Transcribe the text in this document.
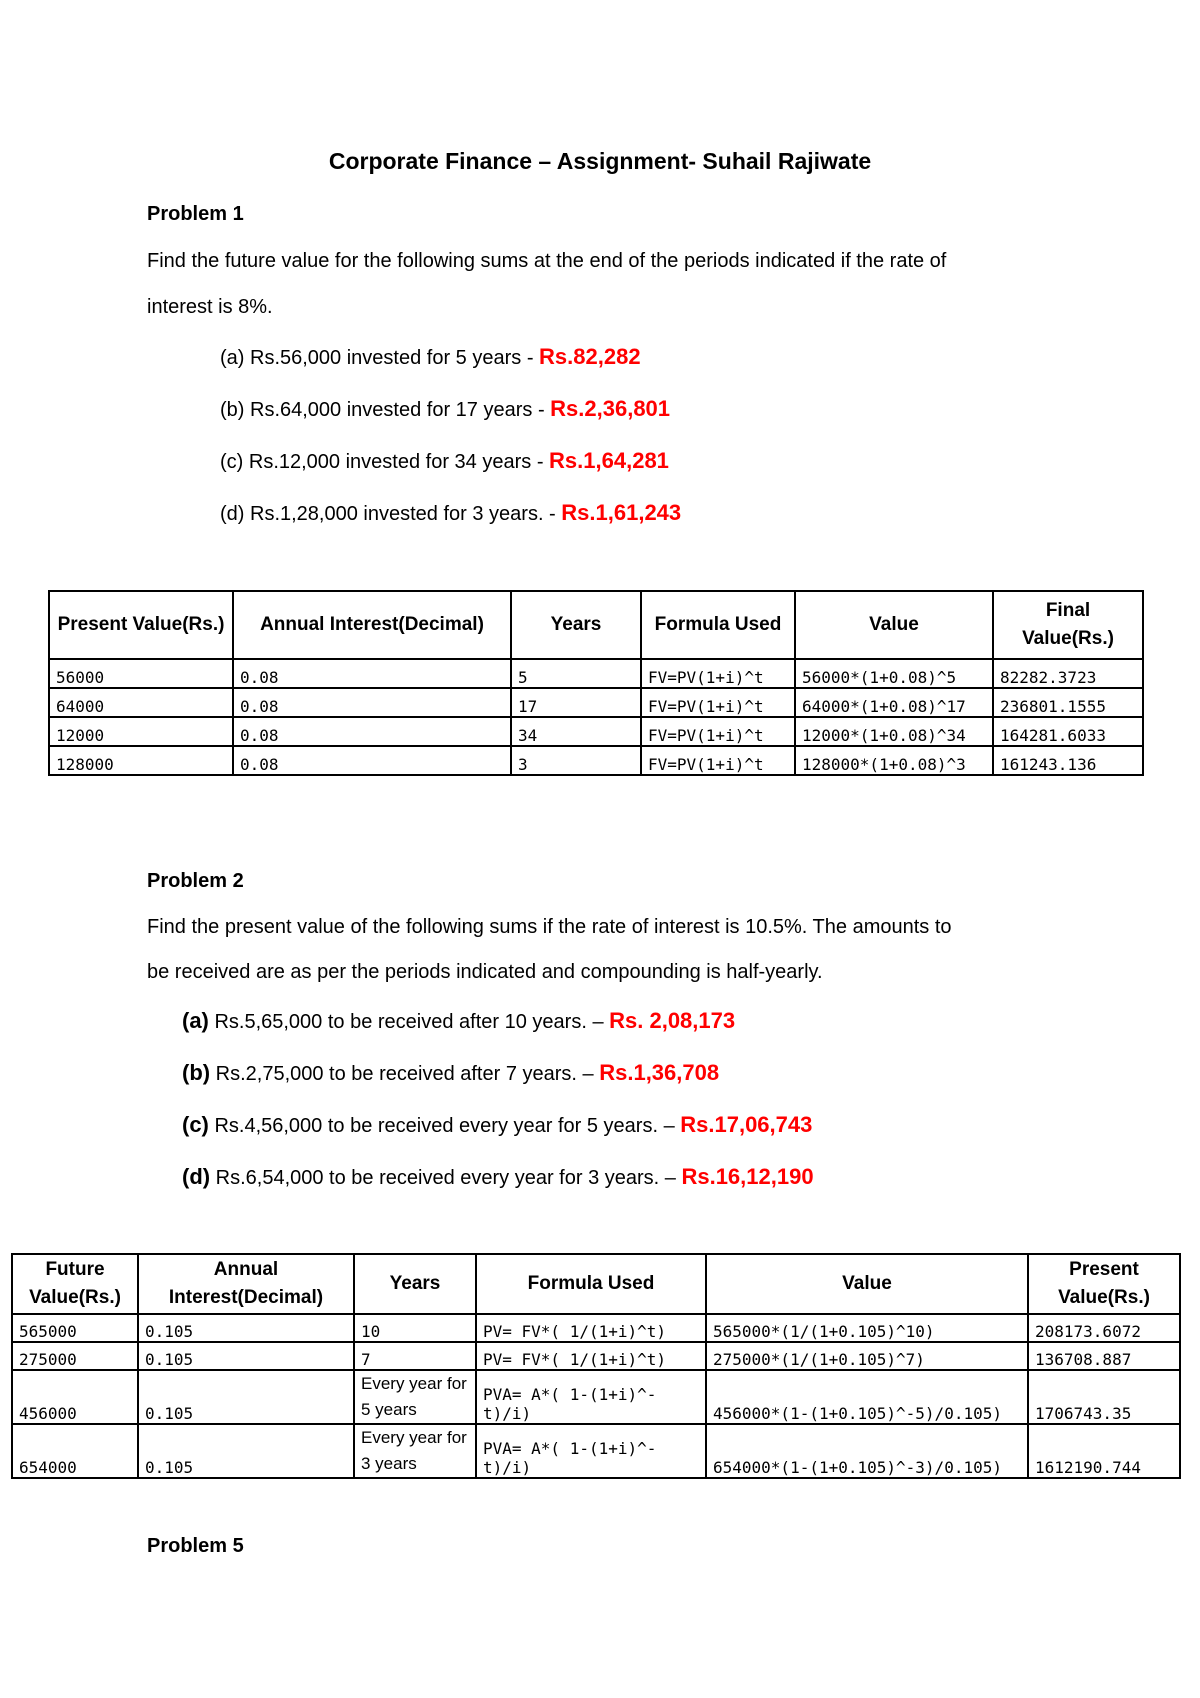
Corporate Finance – Assignment- Suhail Rajiwate
Problem 1
Find the future value for the following sums at the end of the periods indicated if the rate of
interest is 8%.
(a) Rs.56,000 invested for 5 years - Rs.82,282
(b) Rs.64,000 invested for 17 years - Rs.2,36,801
(c) Rs.12,000 invested for 34 years - Rs.1,64,281
(d) Rs.1,28,000 invested for 3 years. - Rs.1,61,243
Present Value(Rs.)	Annual Interest(Decimal)	Years	Formula Used	Value	Final Value(Rs.)
56000	0.08	5	FV=PV(1+i)^t	56000*(1+0.08)^5	82282.3723
64000	0.08	17	FV=PV(1+i)^t	64000*(1+0.08)^17	236801.1555
12000	0.08	34	FV=PV(1+i)^t	12000*(1+0.08)^34	164281.6033
128000	0.08	3	FV=PV(1+i)^t	128000*(1+0.08)^3	161243.136
Problem 2
Find the present value of the following sums if the rate of interest is 10.5%. The amounts to
be received are as per the periods indicated and compounding is half-yearly.
(a) Rs.5,65,000 to be received after 10 years. – Rs. 2,08,173
(b) Rs.2,75,000 to be received after 7 years. – Rs.1,36,708
(c) Rs.4,56,000 to be received every year for 5 years. – Rs.17,06,743
(d) Rs.6,54,000 to be received every year for 3 years. – Rs.16,12,190
Future Value(Rs.)	Annual Interest(Decimal)	Years	Formula Used	Value	Present Value(Rs.)
565000	0.105	10	PV= FV*( 1/(1+i)^t)	565000*(1/(1+0.105)^10)	208173.6072
275000	0.105	7	PV= FV*( 1/(1+i)^t)	275000*(1/(1+0.105)^7)	136708.887
456000	0.105	Every year for 5 years	PVA= A*( 1-(1+i)^-t)/i)	456000*(1-(1+0.105)^-5)/0.105)	1706743.35
654000	0.105	Every year for 3 years	PVA= A*( 1-(1+i)^-t)/i)	654000*(1-(1+0.105)^-3)/0.105)	1612190.744
Problem 5
